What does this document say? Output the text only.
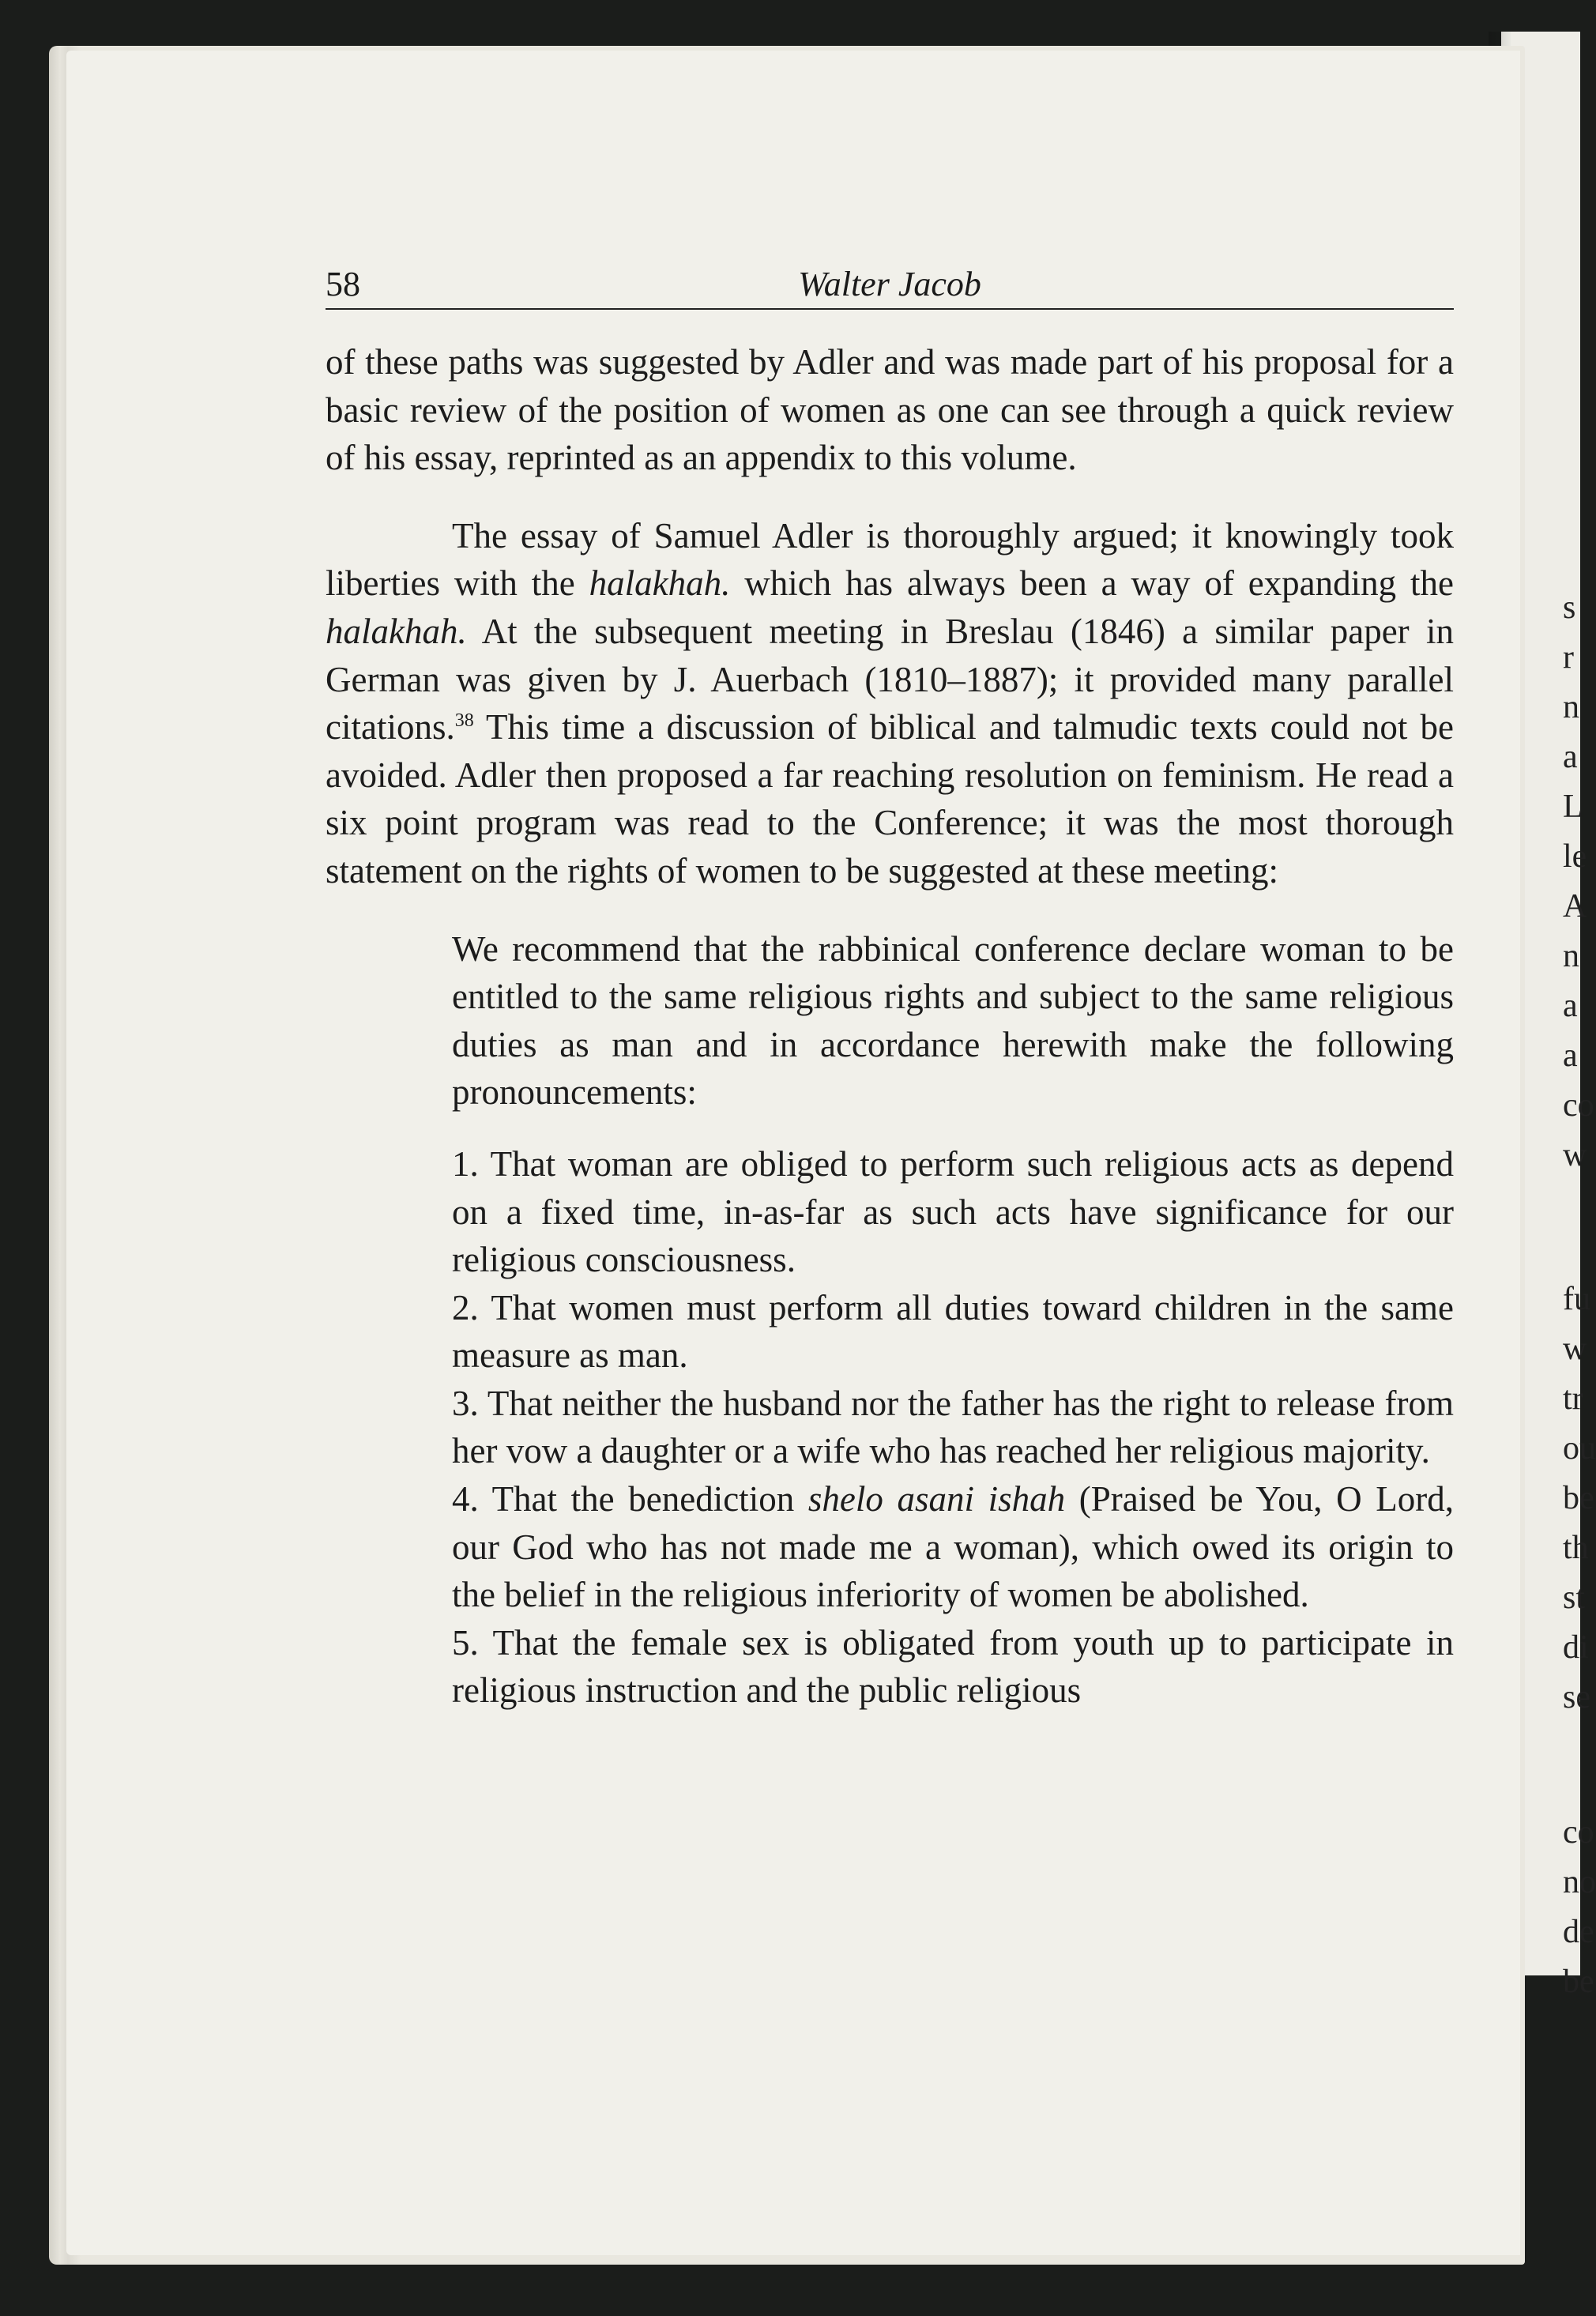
s
r
n
a
L
le
A
n
a
a
co
w
fu
w
tr
ou
be
th
st
di
se
co
no
de
be
58	Walter Jacob

of these paths was suggested by Adler and was made part of his proposal for a basic review of the position of women as one can see through a quick review of his essay, reprinted as an appendix to this volume.

The essay of Samuel Adler is thoroughly argued; it knowingly took liberties with the halakhah. which has always been a way of expanding the halakhah. At the subsequent meeting in Breslau (1846) a similar paper in German was given by J. Auerbach (1810–1887); it provided many parallel citations.$^{38}$ This time a discussion of biblical and talmudic texts could not be avoided. Adler then proposed a far reaching resolution on feminism. He read a six point program was read to the Conference; it was the most thorough statement on the rights of women to be suggested at these meeting:

We recommend that the rabbinical conference declare woman to be entitled to the same religious rights and subject to the same religious duties as man and in accordance herewith make the following pronouncements:

1. That woman are obliged to perform such religious acts as depend on a fixed time, in-as-far as such acts have significance for our religious consciousness.

2. That women must perform all duties toward children in the same measure as man.

3. That neither the husband nor the father has the right to release from her vow a daughter or a wife who has reached her religious majority.

4. That the benediction shelo asani ishah (Praised be You, O Lord, our God who has not made me a woman), which owed its origin to the belief in the religious inferiority of women be abolished.

5. That the female sex is obligated from youth up to participate in religious instruction and the public religious
